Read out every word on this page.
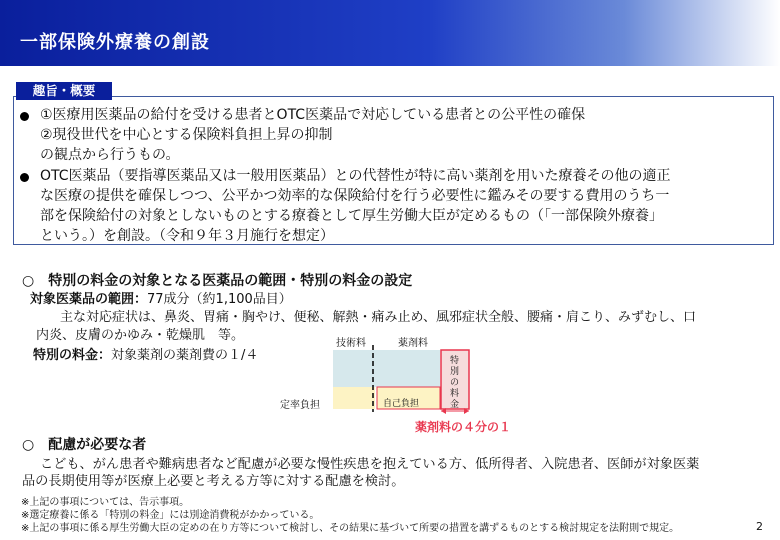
一部保険外療養の創設
趣旨・概要
①医療用医薬品の給付を受ける患者とOTC医薬品で対応している患者との公平性の確保
②現役世代を中心とする保険料負担上昇の抑制
の観点から行うもの。
OTC医薬品（要指導医薬品又は一般用医薬品）との代替性が特に高い薬剤を用いた療養その他の適正
な医療の提供を確保しつつ、公平かつ効率的な保険給付を行う必要性に鑑みその要する費用のうち一
部を保険給付の対象としないものとする療養として厚生労働大臣が定めるもの（「一部保険外療養」
という。）を創設。（令和９年３月施行を想定）
○　特別の料金の対象となる医薬品の範囲・特別の料金の設定
対象医薬品の範囲：77成分（約1,100品目）
主な対応症状は、鼻炎、胃痛・胸やけ、便秘、解熱・痛み止め、風邪症状全般、腰痛・肩こり、みずむし、口
内炎、皮膚のかゆみ・乾燥肌　等。
特別の料金：対象薬剤の薬剤費の１/４
技術料	薬剤料
定率負担	自己負担
特
別
の
料
金
薬剤料の４分の１
○　配慮が必要な者
こども、がん患者や難病患者など配慮が必要な慢性疾患を抱えている方、低所得者、入院患者、医師が対象医薬
品の長期使用等が医療上必要と考える方等に対する配慮を検討。
※上記の事項については、告示事項。
※選定療養に係る「特別の料金」には別途消費税がかかっている。
※上記の事項に係る厚生労働大臣の定めの在り方等について検討し、その結果に基づいて所要の措置を講ずるものとする検討規定を法附則で規定。	2
